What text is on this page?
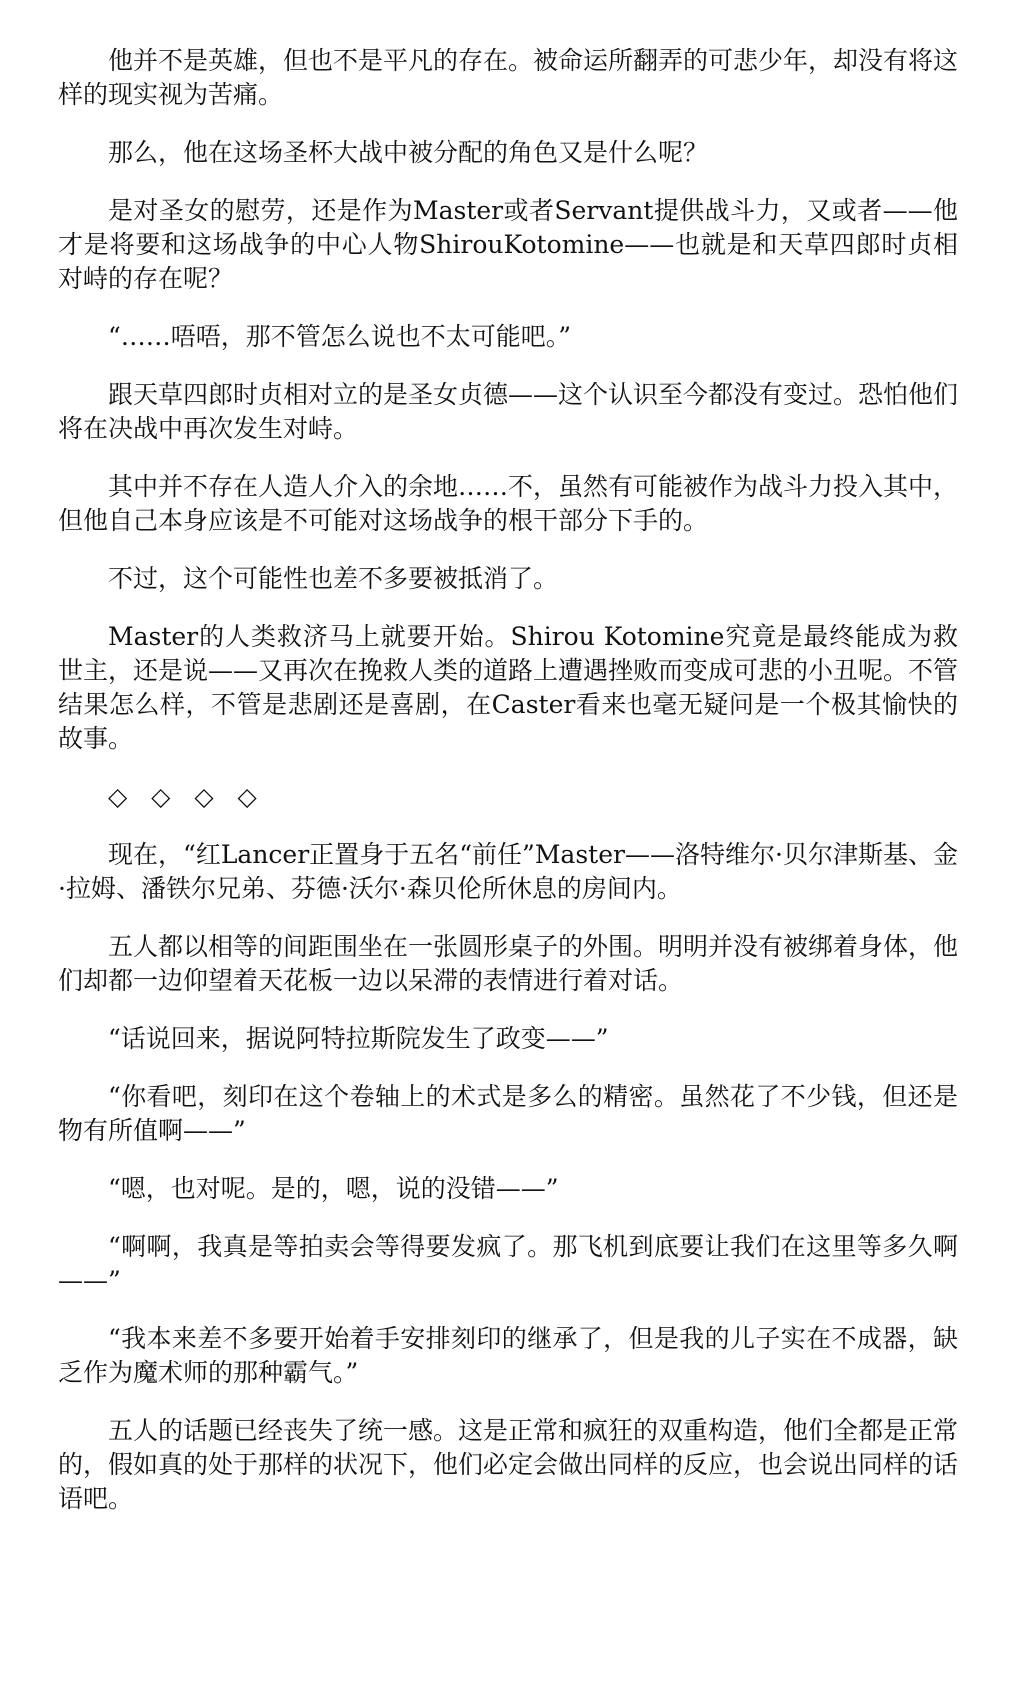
他并不是英雄，但也不是平凡的存在。被命运所翻弄的可悲少年，却没有将这样的现实视为苦痛。

那么，他在这场圣杯大战中被分配的角色又是什么呢？

是对圣女的慰劳，还是作为Master或者Servant提供战斗力，又或者——他才是将要和这场战争的中心人物ShirouKotomine——也就是和天草四郎时贞相对峙的存在呢？

“……唔唔，那不管怎么说也不太可能吧。”

跟天草四郎时贞相对立的是圣女贞德——这个认识至今都没有变过。恐怕他们将在决战中再次发生对峙。

其中并不存在人造人介入的余地……不，虽然有可能被作为战斗力投入其中，但他自己本身应该是不可能对这场战争的根干部分下手的。

不过，这个可能性也差不多要被抵消了。

Master的人类救济马上就要开始。Shirou Kotomine究竟是最终能成为救世主，还是说——又再次在挽救人类的道路上遭遇挫败而变成可悲的小丑呢。不管结果怎么样，不管是悲剧还是喜剧，在Caster看来也毫无疑问是一个极其愉快的故事。

◇ ◇ ◇ ◇

现在，“红Lancer正置身于五名“前任”Master——洛特维尔·贝尔津斯基、金·拉姆、潘铁尔兄弟、芬德·沃尔·森贝伦所休息的房间内。

五人都以相等的间距围坐在一张圆形桌子的外围。明明并没有被绑着身体，他们却都一边仰望着天花板一边以呆滞的表情进行着对话。

“话说回来，据说阿特拉斯院发生了政变——”

“你看吧，刻印在这个卷轴上的术式是多么的精密。虽然花了不少钱，但还是物有所值啊——”

“嗯，也对呢。是的，嗯，说的没错——”

“啊啊，我真是等拍卖会等得要发疯了。那飞机到底要让我们在这里等多久啊——”

“我本来差不多要开始着手安排刻印的继承了，但是我的儿子实在不成器，缺乏作为魔术师的那种霸气。”

五人的话题已经丧失了统一感。这是正常和疯狂的双重构造，他们全都是正常的，假如真的处于那样的状况下，他们必定会做出同样的反应，也会说出同样的话语吧。
